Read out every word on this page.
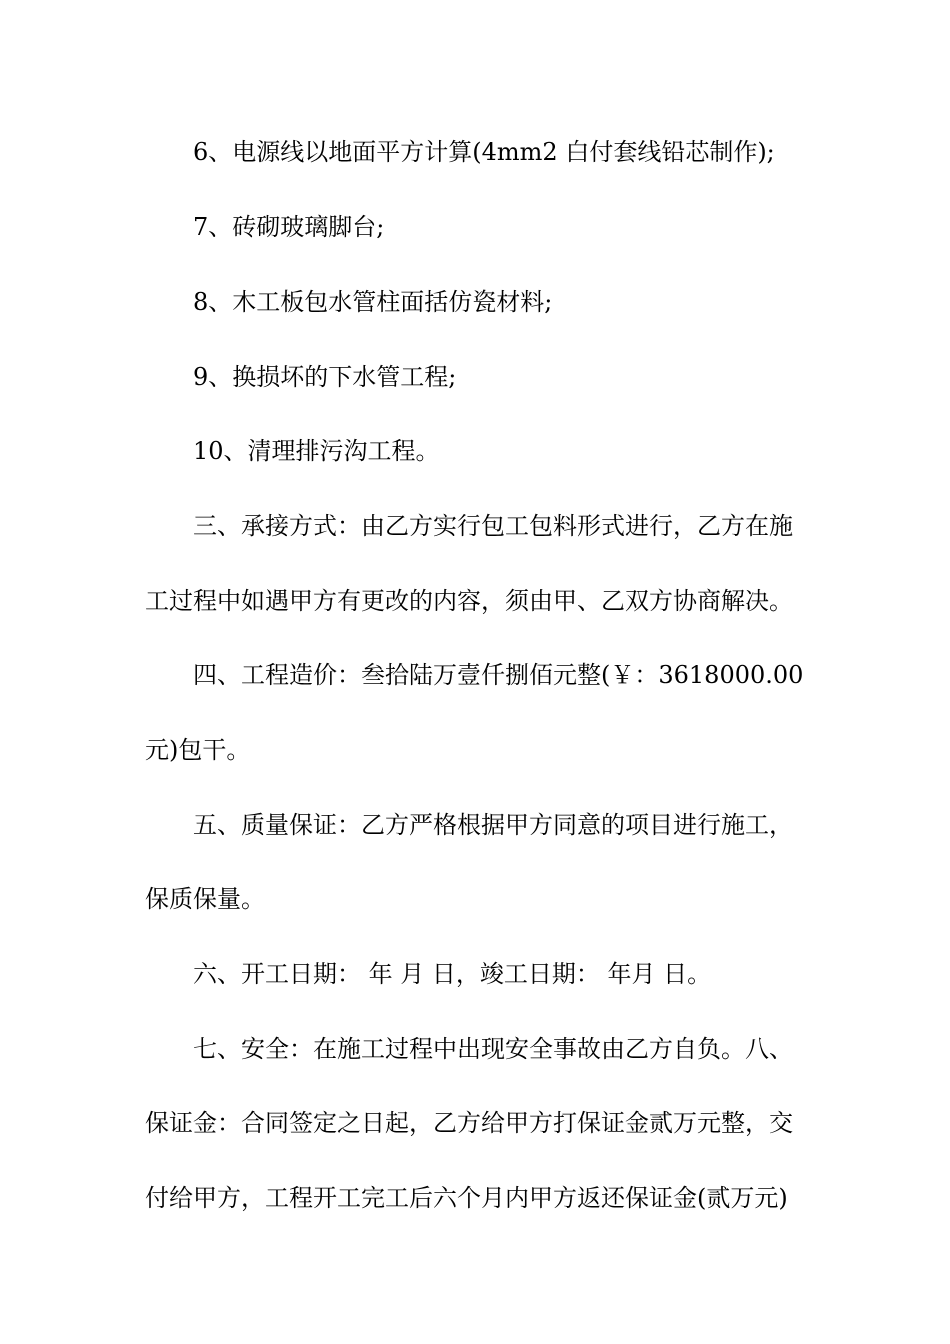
6、电源线以地面平方计算(4mm2 白付套线铅芯制作);

7、砖砌玻璃脚台;

8、木工板包水管柱面括仿瓷材料;

9、换损坏的下水管工程;

10、清理排污沟工程。

三、承接方式：由乙方实行包工包料形式进行，乙方在施

工过程中如遇甲方有更改的内容，须由甲、乙双方协商解决。

四、工程造价：叁拾陆万壹仟捌佰元整(￥：3618000.00

元)包干。

五、质量保证：乙方严格根据甲方同意的项目进行施工，

保质保量。

六、开工日期： 年 月 日，竣工日期： 年月 日。

七、安全：在施工过程中出现安全事故由乙方自负。八、

保证金：合同签定之日起，乙方给甲方打保证金贰万元整，交

付给甲方，工程开工完工后六个月内甲方返还保证金(贰万元)
